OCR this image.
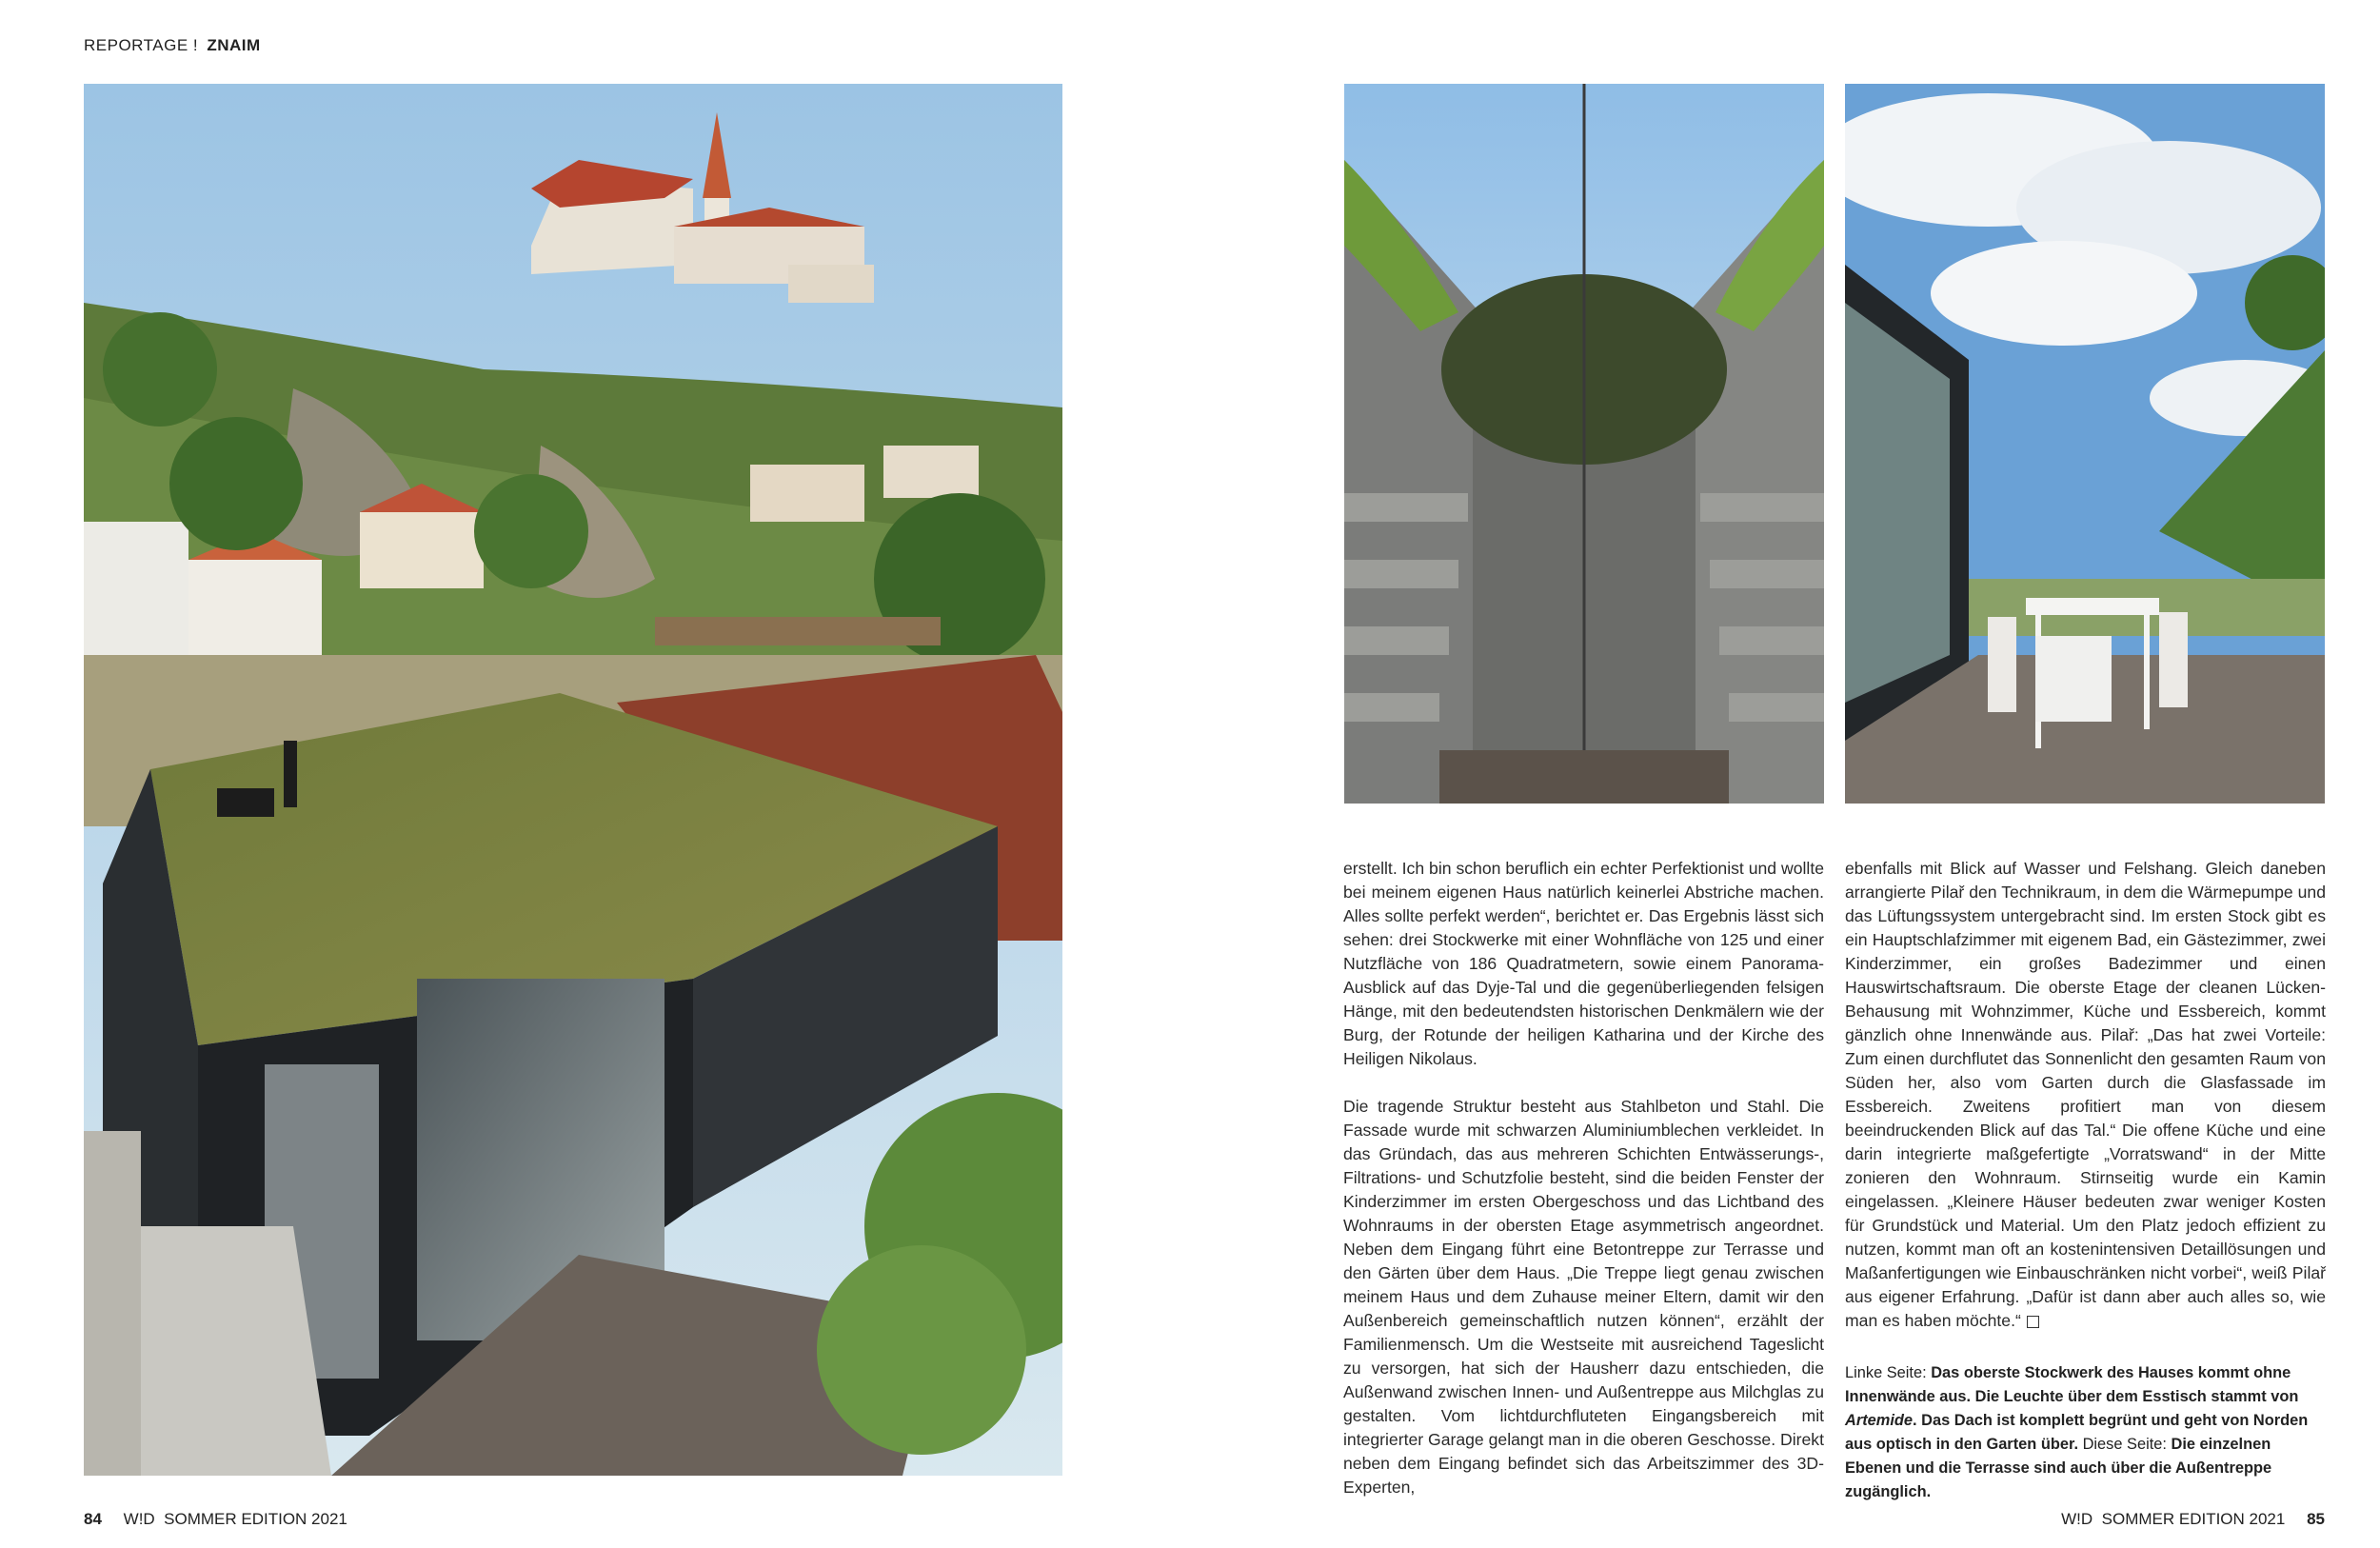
REPORTAGE ! ZNAIM

erstellt. Ich bin schon beruflich ein echter Perfektionist und wollte bei meinem eigenen Haus natürlich keinerlei Abstriche machen. Alles sollte perfekt werden“, berichtet er. Das Ergebnis lässt sich sehen: drei Stockwerke mit einer Wohnfläche von 125 und einer Nutzfläche von 186 Quadratmetern, sowie einem Panorama-Ausblick auf das Dyje-Tal und die gegenüberliegenden felsigen Hänge, mit den bedeutendsten historischen Denkmälern wie der Burg, der Rotunde der heiligen Katharina und der Kirche des Heiligen Nikolaus.

Die tragende Struktur besteht aus Stahlbeton und Stahl. Die Fassade wurde mit schwarzen Aluminiumblechen verkleidet. In das Gründach, das aus mehreren Schichten Entwässerungs-, Filtrations- und Schutzfolie besteht, sind die beiden Fenster der Kinderzimmer im ersten Obergeschoss und das Lichtband des Wohnraums in der obersten Etage asymmetrisch angeordnet. Neben dem Eingang führt eine Betontreppe zur Terrasse und den Gärten über dem Haus. „Die Treppe liegt genau zwischen meinem Haus und dem Zuhause meiner Eltern, damit wir den Außenbereich gemeinschaftlich nutzen können“, erzählt der Familienmensch. Um die Westseite mit ausreichend Tageslicht zu versorgen, hat sich der Hausherr dazu entschieden, die Außenwand zwischen Innen- und Außentreppe aus Milchglas zu gestalten. Vom lichtdurchfluteten Eingangsbereich mit integrierter Garage gelangt man in die oberen Geschosse. Direkt neben dem Eingang befindet sich das Arbeitszimmer des 3D-Experten,

ebenfalls mit Blick auf Wasser und Felshang. Gleich daneben arrangierte Pilař den Technikraum, in dem die Wärmepumpe und das Lüftungssystem untergebracht sind. Im ersten Stock gibt es ein Hauptschlafzimmer mit eigenem Bad, ein Gästezimmer, zwei Kinderzimmer, ein großes Badezimmer und einen Hauswirtschaftsraum. Die oberste Etage der cleanen Lücken-Behausung mit Wohnzimmer, Küche und Essbereich, kommt gänzlich ohne Innenwände aus. Pilař: „Das hat zwei Vorteile: Zum einen durchflutet das Sonnenlicht den gesamten Raum von Süden her, also vom Garten durch die Glasfassade im Essbereich. Zweitens profitiert man von diesem beeindruckenden Blick auf das Tal.“ Die offene Küche und eine darin integrierte maßgefertigte „Vorratswand“ in der Mitte zonieren den Wohnraum. Stirnseitig wurde ein Kamin eingelassen. „Kleinere Häuser bedeuten zwar weniger Kosten für Grundstück und Material. Um den Platz jedoch effizient zu nutzen, kommt man oft an kostenintensiven Detaillösungen und Maßanfertigungen wie Einbauschränken nicht vorbei“, weiß Pilař aus eigener Erfahrung. „Dafür ist dann aber auch alles so, wie man es haben möchte.“

Linke Seite: Das oberste Stockwerk des Hauses kommt ohne Innenwände aus. Die Leuchte über dem Esstisch stammt von Artemide. Das Dach ist komplett begrünt und geht von Norden aus optisch in den Garten über. Diese Seite: Die einzelnen Ebenen und die Terrasse sind auch über die Außentreppe zugänglich.
84 W!D  SOMMER EDITION 2021	W!D  SOMMER EDITION 2021 85
